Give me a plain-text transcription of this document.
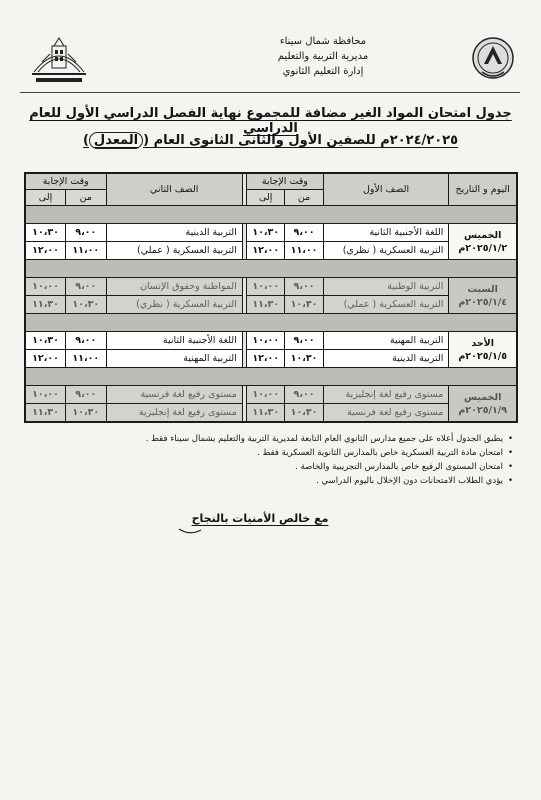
محافظة شمال سيناء
مديرية التربية والتعليم
إدارة التعليم الثانوي
جدول امتحان المواد الغير مضافة للمجموع نهاية الفصل الدراسي الأول للعام الدراسي
٢٠٢٤/٢٠٢٥م للصفين الأول والثانى الثانوى العام (المعدل)
اليوم و التاريخ	الصف الأول	وقت الإجابة			الصف الثاني	وقت الإجابة	
		من	إلى			من	إلى

الخميس
٢٠٢٥/١/٢م	اللغة الأجنبية الثانية	٩،٠٠	١٠،٣٠		التربية الدينية	٩،٠٠	١٠،٣٠
	التربية العسكرية ( نظري)	١١،٠٠	١٢،٠٠		التربية العسكرية ( عملي)	١١،٠٠	١٢،٠٠

السبت
٢٠٢٥/١/٤م	التربية الوطنية	٩،٠٠	١٠،٠٠		المواطنة وحقوق الإنسان	٩،٠٠	١٠،٠٠
	التربية العسكرية ( عملي)	١٠،٣٠	١١،٣٠		التربية العسكرية ( نظري)	١٠،٣٠	١١،٣٠

الأحد
٢٠٢٥/١/٥م	التربية المهنية	٩،٠٠	١٠،٠٠		اللغة الأجنبية الثانية	٩،٠٠	١٠،٣٠
	التربية الدينية	١٠،٣٠	١٢،٠٠		التربية المهنية	١١،٠٠	١٢،٠٠

الخميس
٢٠٢٥/١/٩م	مستوى رفيع لغة إنجليزية	٩،٠٠	١٠،٠٠		مستوى رفيع لغة فرنسية	٩،٠٠	١٠،٠٠
	مستوى رفيع لغة فرنسية	١٠،٣٠	١١،٣٠		مستوى رفيع لغة إنجليزية	١٠،٣٠	١١،٣٠
•يطبق الجدول أعلاه على جميع مدارس الثانوي العام التابعة لمديرية التربية والتعليم بشمال سيناء فقط .
•امتحان مادة التربية العسكرية خاص بالمدارس الثانوية العسكرية فقط .
•امتحان المستوى الرفيع خاص بالمدارس التجريبية والخاصة .
•يؤدي الطلاب الامتحانات دون الإخلال باليوم الدراسي .
مع خالص الأمنيات بالنجاح
